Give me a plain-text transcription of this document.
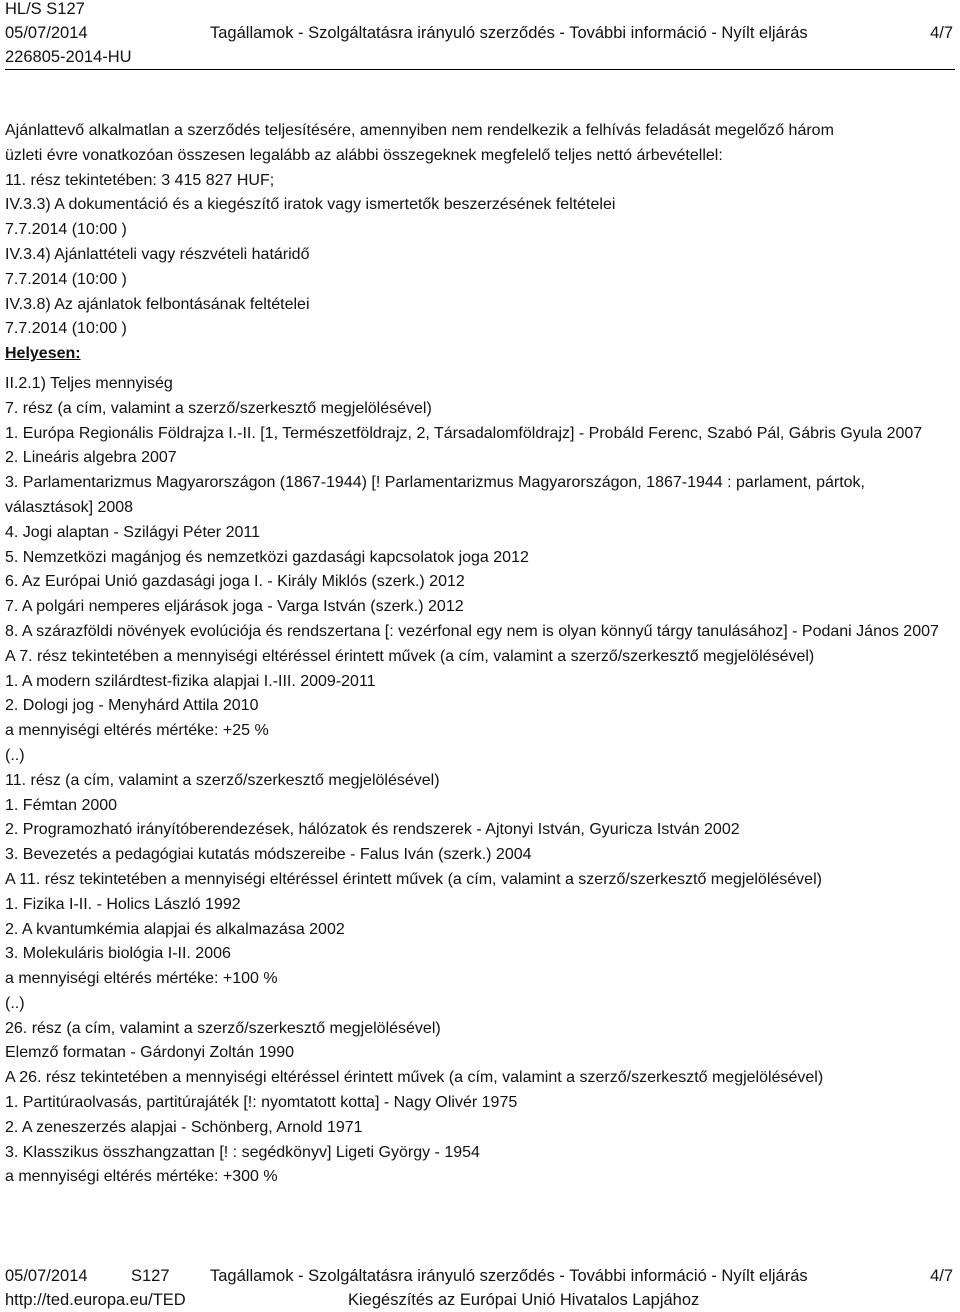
HL/S S127
05/07/2014	Tagállamok - Szolgáltatásra irányuló szerződés - További információ - Nyílt eljárás	4/7
226805-2014-HU
Ajánlattevő alkalmatlan a szerződés teljesítésére, amennyiben nem rendelkezik a felhívás feladását megelőző három
üzleti évre vonatkozóan összesen legalább az alábbi összegeknek megfelelő teljes nettó árbevétellel:
11. rész tekintetében: 3 415 827 HUF;
IV.3.3) A dokumentáció és a kiegészítő iratok vagy ismertetők beszerzésének feltételei
7.7.2014 (10:00 )
IV.3.4) Ajánlattételi vagy részvételi határidő
7.7.2014 (10:00 )
IV.3.8) Az ajánlatok felbontásának feltételei
7.7.2014 (10:00 )
Helyesen:
II.2.1) Teljes mennyiség
7. rész (a cím, valamint a szerző/szerkesztő megjelölésével)
1. Európa Regionális Földrajza I.-II. [1, Természetföldrajz, 2, Társadalomföldrajz] - Probáld Ferenc, Szabó Pál, Gábris Gyula 2007
2. Lineáris algebra 2007
3. Parlamentarizmus Magyarországon (1867-1944) [! Parlamentarizmus Magyarországon, 1867-1944 : parlament, pártok, választások] 2008
4. Jogi alaptan - Szilágyi Péter 2011
5. Nemzetközi magánjog és nemzetközi gazdasági kapcsolatok joga 2012
6. Az Európai Unió gazdasági joga I. - Király Miklós (szerk.) 2012
7. A polgári nemperes eljárások joga - Varga István (szerk.) 2012
8. A szárazföldi növények evolúciója és rendszertana [: vezérfonal egy nem is olyan könnyű tárgy tanulásához] - Podani János 2007
A 7. rész tekintetében a mennyiségi eltéréssel érintett művek (a cím, valamint a szerző/szerkesztő megjelölésével)
1. A modern szilárdtest-fizika alapjai I.-III. 2009-2011
2. Dologi jog - Menyhárd Attila 2010
a mennyiségi eltérés mértéke: +25 %
(..)
11. rész (a cím, valamint a szerző/szerkesztő megjelölésével)
1. Fémtan 2000
2. Programozható irányítóberendezések, hálózatok és rendszerek - Ajtonyi István, Gyuricza István 2002
3. Bevezetés a pedagógiai kutatás módszereibe - Falus Iván (szerk.) 2004
A 11. rész tekintetében a mennyiségi eltéréssel érintett művek (a cím, valamint a szerző/szerkesztő megjelölésével)
1. Fizika I-II. - Holics László 1992
2. A kvantumkémia alapjai és alkalmazása 2002
3. Molekuláris biológia I-II. 2006
a mennyiségi eltérés mértéke: +100 %
(..)
26. rész (a cím, valamint a szerző/szerkesztő megjelölésével)
Elemző formatan - Gárdonyi Zoltán 1990
A 26. rész tekintetében a mennyiségi eltéréssel érintett művek (a cím, valamint a szerző/szerkesztő megjelölésével)
1. Partitúraolvasás, partitúrajáték [!: nyomtatott kotta] - Nagy Olivér 1975
2. A zeneszerzés alapjai - Schönberg, Arnold 1971
3. Klasszikus összhangzattan [! : segédkönyv] Ligeti György - 1954
a mennyiségi eltérés mértéke: +300 %
05/07/2014	S127 Tagállamok - Szolgáltatásra irányuló szerződés - További információ - Nyílt eljárás	4/7
http://ted.europa.eu/TED	Kiegészítés az Európai Unió Hivatalos Lapjához
